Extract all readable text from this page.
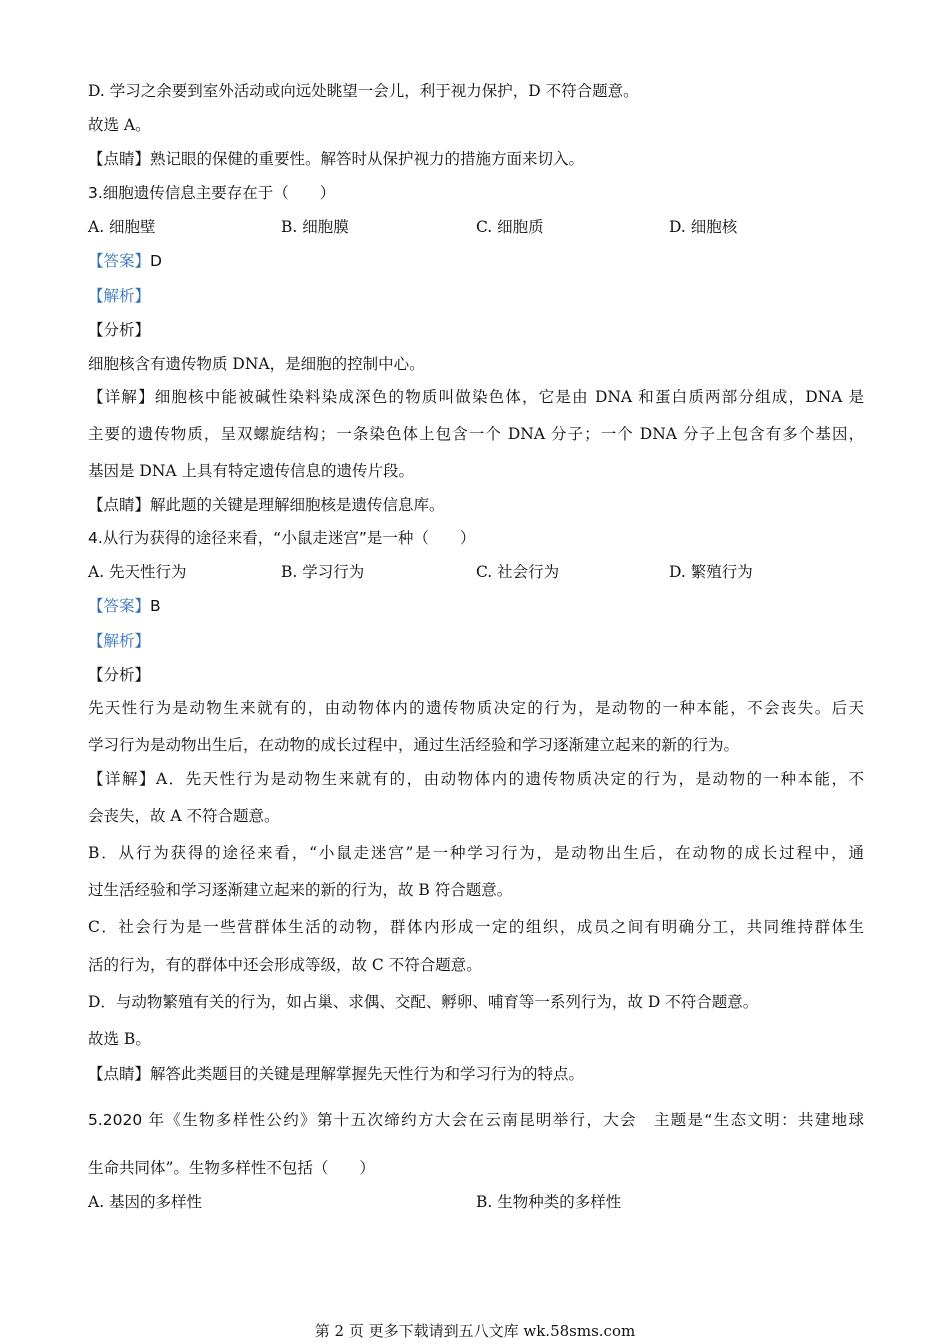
D. 学习之余要到室外活动或向远处眺望一会儿，利于视力保护，D 不符合题意。
故选 A。
【点睛】熟记眼的保健的重要性。解答时从保护视力的措施方面来切入。
3.细胞遗传信息主要存在于（　　）
A. 细胞壁	B. 细胞膜	C. 细胞质	D. 细胞核
【答案】D
【解析】
【分析】
细胞核含有遗传物质 DNA，是细胞的控制中心。
【详解】细胞核中能被碱性染料染成深色的物质叫做染色体，它是由 DNA 和蛋白质两部分组成，DNA 是
主要的遗传物质，呈双螺旋结构；一条染色体上包含一个 DNA 分子；一个 DNA 分子上包含有多个基因，
基因是 DNA 上具有特定遗传信息的遗传片段。
【点睛】解此题的关键是理解细胞核是遗传信息库。
4.从行为获得的途径来看，“小鼠走迷宫”是一种（　　）
A. 先天性行为	B. 学习行为	C. 社会行为	D. 繁殖行为
【答案】B
【解析】
【分析】
先天性行为是动物生来就有的，由动物体内的遗传物质决定的行为，是动物的一种本能，不会丧失。后天
学习行为是动物出生后，在动物的成长过程中，通过生活经验和学习逐渐建立起来的新的行为。
【详解】A．先天性行为是动物生来就有的，由动物体内的遗传物质决定的行为，是动物的一种本能，不
会丧失，故 A 不符合题意。
B．从行为获得的途径来看，“小鼠走迷宫”是一种学习行为，是动物出生后，在动物的成长过程中，通
过生活经验和学习逐渐建立起来的新的行为，故 B 符合题意。
C．社会行为是一些营群体生活的动物，群体内形成一定的组织，成员之间有明确分工，共同维持群体生
活的行为，有的群体中还会形成等级，故 C 不符合题意。
D．与动物繁殖有关的行为，如占巢、求偶、交配、孵卵、哺育等一系列行为，故 D 不符合题意。
故选 B。
【点睛】解答此类题目的关键是理解掌握先天性行为和学习行为的特点。
5.2020 年《生物多样性公约》第十五次缔约方大会在云南昆明举行，大会　主题是“生态文明：共建地球
生命共同体”。生物多样性不包括（　　）
A. 基因的多样性	B. 生物种类的多样性
第 2 页 更多下载请到五八文库 wk.58sms.com
